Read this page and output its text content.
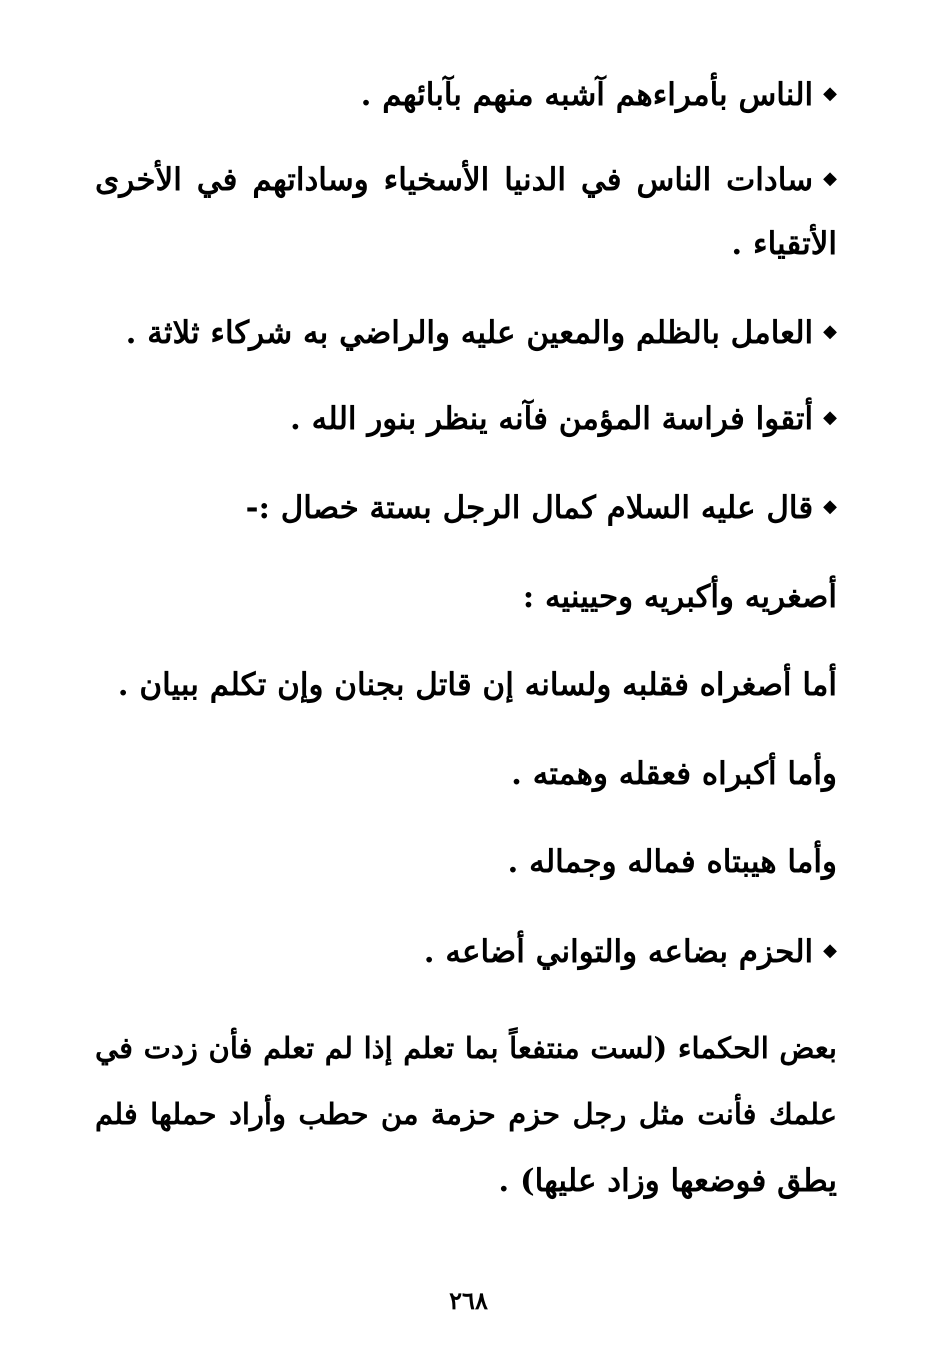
◆الناس بأمراءهم آشبه منهم بآبائهم .
◆سادات الناس في الدنيا الأسخياء وساداتهم في الأخرى
الأتقياء .
◆العامل بالظلم والمعين عليه والراضي به شركاء ثلاثة .
◆أتقوا فراسة المؤمن فآنه ينظر بنور الله .
◆قال عليه السلام كمال الرجل بستة خصال :-
أصغريه وأكبريه وحيينيه :
أما أصغراه فقلبه ولسانه إن قاتل بجنان وإن تكلم ببيان .
وأما أكبراه فعقله وهمته .
وأما هيبتاه فماله وجماله .
◆الحزم بضاعه والتواني أضاعه .
بعض الحكماء (لست منتفعاً بما تعلم إذا لم تعلم فأن زدت في
علمك فأنت مثل رجل حزم حزمة من حطب وأراد حملها فلم
يطق فوضعها وزاد عليها) .
٢٦٨
